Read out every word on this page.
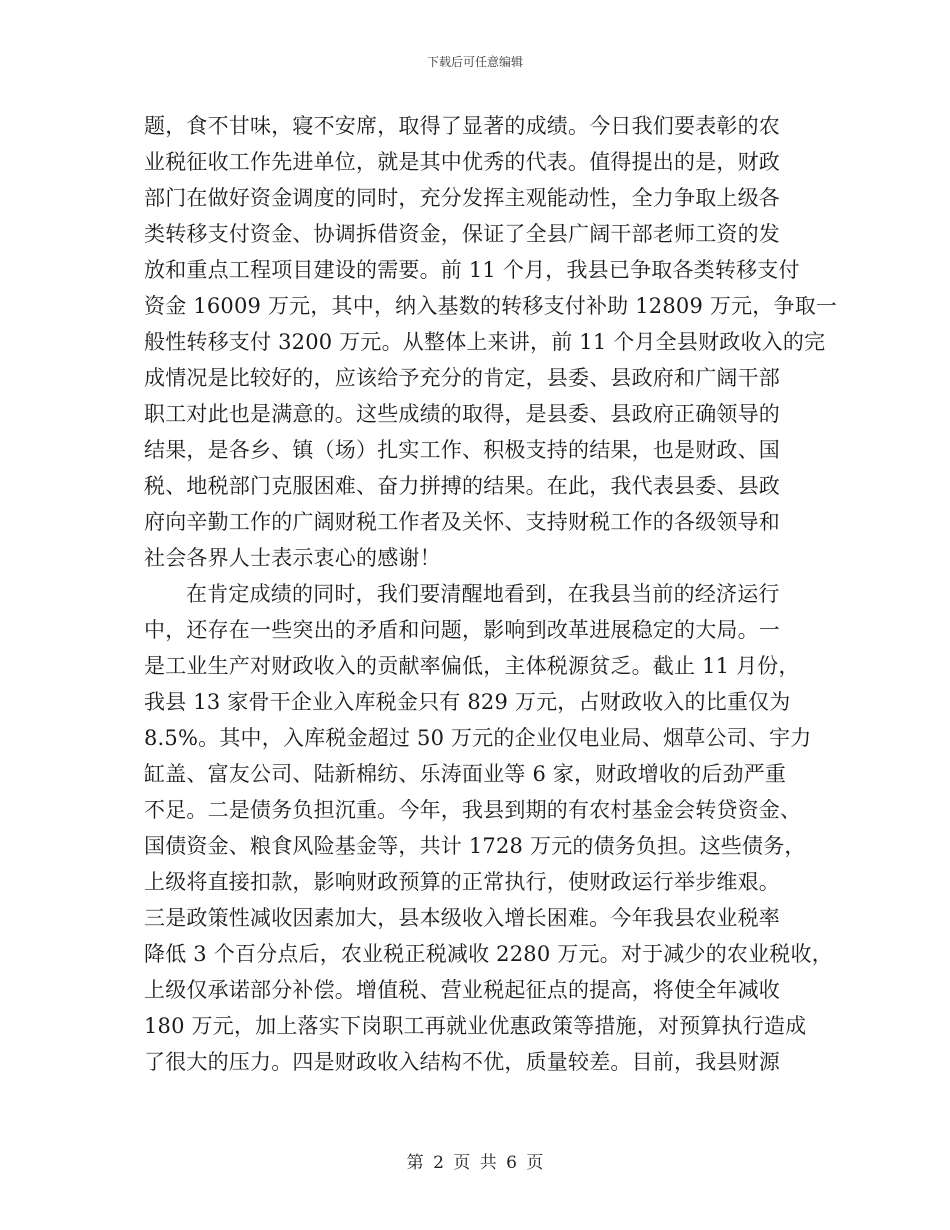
下载后可任意编辑
题，食不甘味，寝不安席，取得了显著的成绩。今日我们要表彰的农
业税征收工作先进单位，就是其中优秀的代表。值得提出的是，财政
部门在做好资金调度的同时，充分发挥主观能动性，全力争取上级各
类转移支付资金、协调拆借资金，保证了全县广阔干部老师工资的发
放和重点工程项目建设的需要。前 11 个月，我县已争取各类转移支付
资金 16009 万元，其中，纳入基数的转移支付补助 12809 万元，争取一
般性转移支付 3200 万元。从整体上来讲，前 11 个月全县财政收入的完
成情况是比较好的，应该给予充分的肯定，县委、县政府和广阔干部
职工对此也是满意的。这些成绩的取得，是县委、县政府正确领导的
结果，是各乡、镇（场）扎实工作、积极支持的结果，也是财政、国
税、地税部门克服困难、奋力拼搏的结果。在此，我代表县委、县政
府向辛勤工作的广阔财税工作者及关怀、支持财税工作的各级领导和
社会各界人士表示衷心的感谢！
在肯定成绩的同时，我们要清醒地看到，在我县当前的经济运行
中，还存在一些突出的矛盾和问题，影响到改革进展稳定的大局。一
是工业生产对财政收入的贡献率偏低，主体税源贫乏。截止 11 月份，
我县 13 家骨干企业入库税金只有 829 万元，占财政收入的比重仅为
8.5%。其中，入库税金超过 50 万元的企业仅电业局、烟草公司、宇力
缸盖、富友公司、陆新棉纺、乐涛面业等 6 家，财政增收的后劲严重
不足。二是债务负担沉重。今年，我县到期的有农村基金会转贷资金、
国债资金、粮食风险基金等，共计 1728 万元的债务负担。这些债务，
上级将直接扣款，影响财政预算的正常执行，使财政运行举步维艰。
三是政策性减收因素加大，县本级收入增长困难。今年我县农业税率
降低 3 个百分点后，农业税正税减收 2280 万元。对于减少的农业税收，
上级仅承诺部分补偿。增值税、营业税起征点的提高，将使全年减收
180 万元，加上落实下岗职工再就业优惠政策等措施，对预算执行造成
了很大的压力。四是财政收入结构不优，质量较差。目前，我县财源
第 2 页 共 6 页
